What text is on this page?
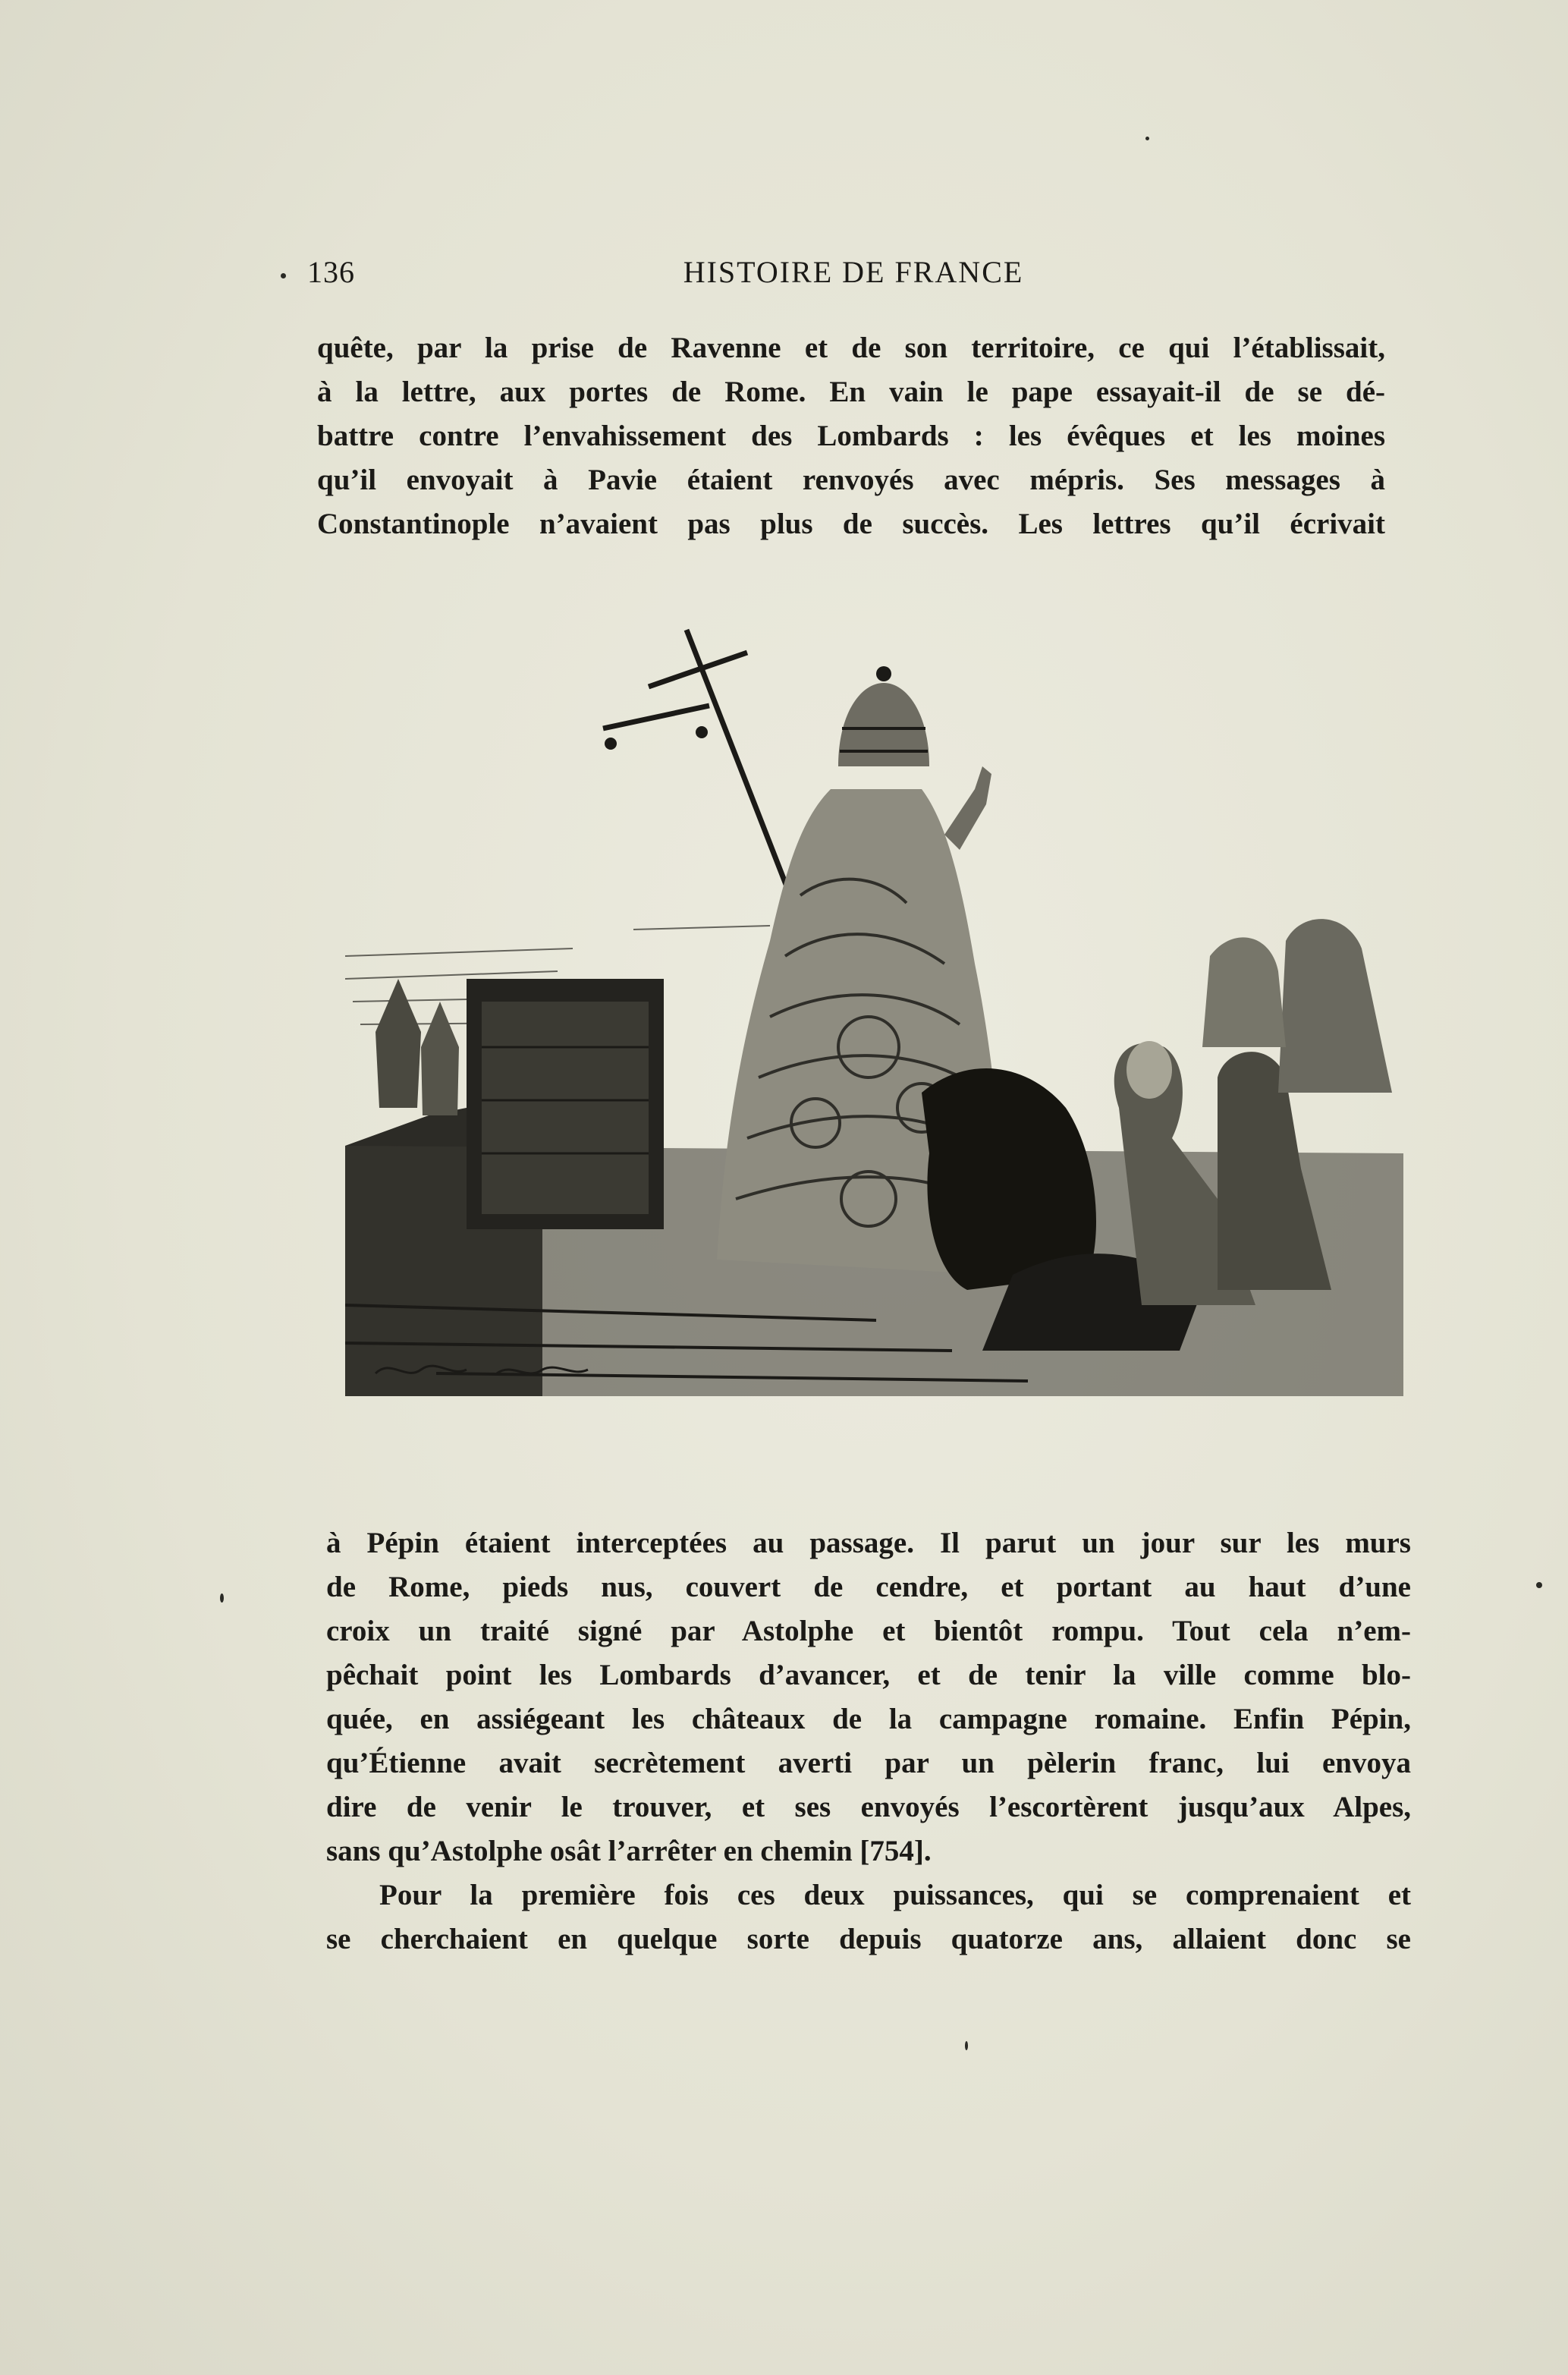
136	HISTOIRE DE FRANCE
quête, par la prise de Ravenne et de son territoire, ce qui l’établissait,
à la lettre, aux portes de Rome. En vain le pape essayait-il de se dé-
battre contre l’envahissement des Lombards : les évêques et les moines
qu’il envoyait à Pavie étaient renvoyés avec mépris. Ses messages à
Constantinople n’avaient pas plus de succès. Les lettres qu’il écrivait
à Pépin étaient interceptées au passage. Il parut un jour sur les murs
de Rome, pieds nus, couvert de cendre, et portant au haut d’une
croix un traité signé par Astolphe et bientôt rompu. Tout cela n’em-
pêchait point les Lombards d’avancer, et de tenir la ville comme blo-
quée, en assiégeant les châteaux de la campagne romaine. Enfin Pépin,
qu’Étienne avait secrètement averti par un pèlerin franc, lui envoya
dire de venir le trouver, et ses envoyés l’escortèrent jusqu’aux Alpes,
sans qu’Astolphe osât l’arrêter en chemin [754].
Pour la première fois ces deux puissances, qui se comprenaient et
se cherchaient en quelque sorte depuis quatorze ans, allaient donc se
